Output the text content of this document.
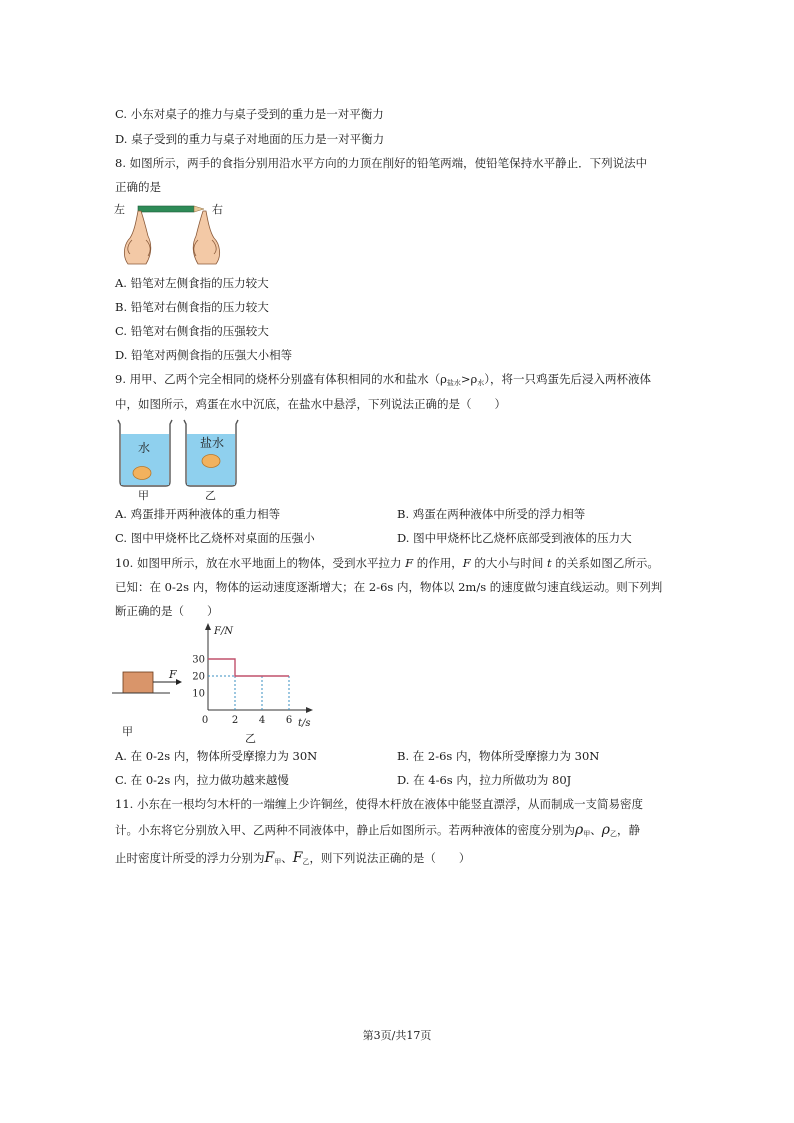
C. 小东对桌子的推力与桌子受到的重力是一对平衡力
D. 桌子受到的重力与桌子对地面的压力是一对平衡力
8. 如图所示，两手的食指分别用沿水平方向的力顶在削好的铅笔两端，使铅笔保持水平静止．下列说法中
正确的是
左	右
A. 铅笔对左侧食指的压力较大
B. 铅笔对右侧食指的压力较大
C. 铅笔对右侧食指的压强较大
D. 铅笔对两侧食指的压强大小相等
9. 用甲、乙两个完全相同的烧杯分别盛有体积相同的水和盐水$(\rho_{盐水}>\rho_水)$，将一只鸡蛋先后浸入两杯液体
中，如图所示，鸡蛋在水中沉底，在盐水中悬浮，下列说法正确的是（　　）
水	盐水
甲	乙
A. 鸡蛋排开两种液体的重力相等	B. 鸡蛋在两种液体中所受的浮力相等
C. 图中甲烧杯比乙烧杯对桌面的压强小	D. 图中甲烧杯比乙烧杯底部受到液体的压力大
10. 如图甲所示，放在水平地面上的物体，受到水平拉力 F 的作用，F 的大小与时间 t 的关系如图乙所示。
已知：在 0-2s 内，物体的运动速度逐渐增大；在 2-6s 内，物体以 2m/s 的速度做匀速直线运动。则下列判
断正确的是（　　）
F
甲
F/N
t/s
乙
10
20
30
0 2 4 6
A. 在 0-2s 内，物体所受摩擦力为 30N	B. 在 2-6s 内，物体所受摩擦力为 30N
C. 在 0-2s 内，拉力做功越来越慢	D. 在 4-6s 内，拉力所做功为 80J
11. 小东在一根均匀木杆的一端缠上少许铜丝，使得木杆放在液体中能竖直漂浮，从而制成一支简易密度
计。小东将它分别放入甲、乙两种不同液体中，静止后如图所示。若两种液体的密度分别为$\rho_甲$、$\rho_乙$，静
止时密度计所受的浮力分别为$F_甲$、$F_乙$，则下列说法正确的是（　　）
第3页/共17页
